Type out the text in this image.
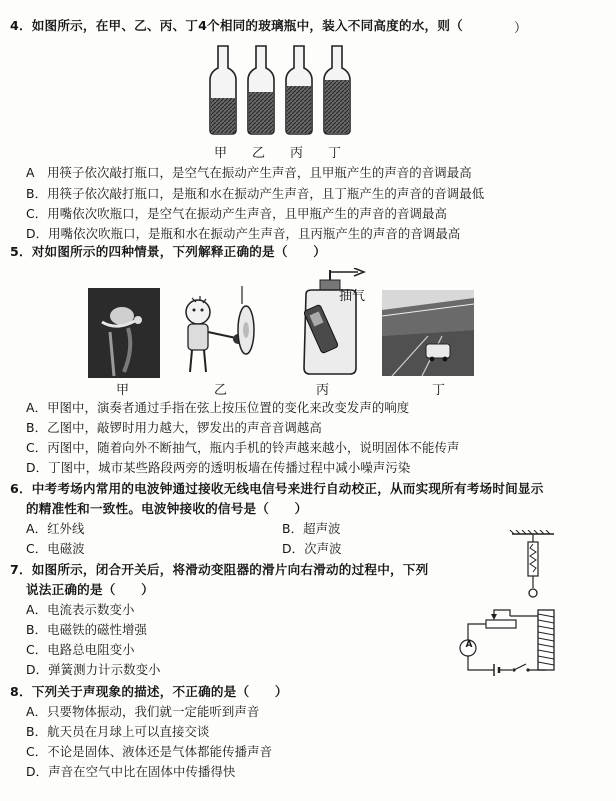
4．如图所示，在甲、乙、丙、丁4个相同的玻璃瓶中，装入不同高度的水，则（	）
甲 乙 丙 丁
A　用筷子依次敲打瓶口，是空气在振动产生声音，且甲瓶产生的声音的音调最高
B．用筷子依次敲打瓶口，是瓶和水在振动产生声音，且丁瓶产生的声音的音调最低
C．用嘴依次吹瓶口，是空气在振动产生声音，且甲瓶产生的声音的音调最高
D．用嘴依次吹瓶口，是瓶和水在振动产生声音，且丙瓶产生的声音的音调最高
5．对如图所示的四种情景，下列解释正确的是（　　）
甲	乙
抽气
丙	丁
A．甲图中，演奏者通过手指在弦上按压位置的变化来改变发声的响度
B．乙图中，敲锣时用力越大，锣发出的声音音调越高
C．丙图中，随着向外不断抽气，瓶内手机的铃声越来越小，说明固体不能传声
D．丁图中，城市某些路段两旁的透明板墙在传播过程中减小噪声污染
6．中考考场内常用的电波钟通过接收无线电信号来进行自动校正，从而实现所有考场时间显示
的精准性和一致性。电波钟接收的信号是（　　）
A．红外线	B．超声波
C．电磁波	D．次声波
7．如图所示，闭合开关后，将滑动变阻器的滑片向右滑动的过程中，下列
说法正确的是（　　）
A．电流表示数变小
B．电磁铁的磁性增强
C．电路总电阻变小
D．弹簧测力计示数变小
A
8．下列关于声现象的描述，不正确的是（　　）
A．只要物体振动，我们就一定能听到声音
B．航天员在月球上可以直接交谈
C．不论是固体、液体还是气体都能传播声音
D．声音在空气中比在固体中传播得快
